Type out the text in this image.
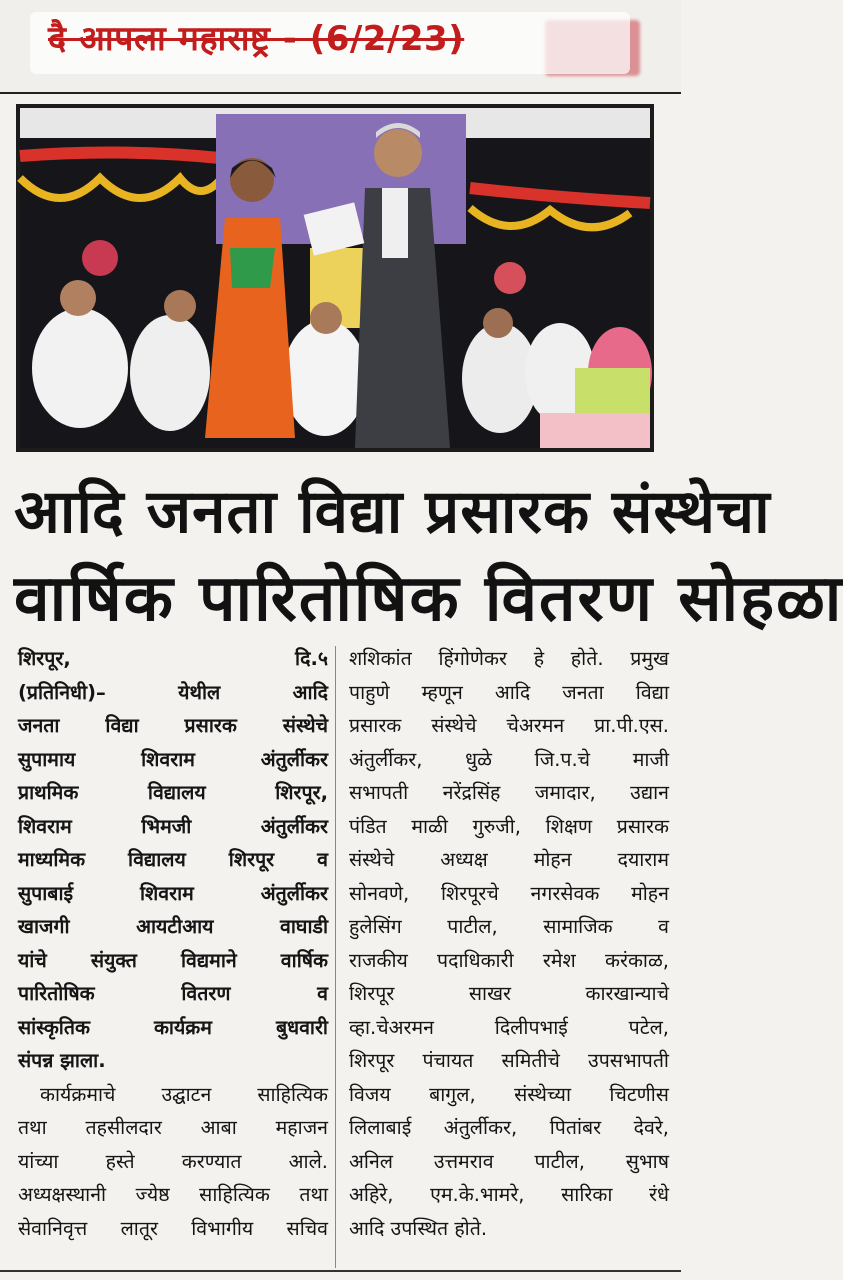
दै आपला महाराष्ट्र - (6/2/23)
आदि जनता विद्या प्रसारक संस्थेचा
वार्षिक पारितोषिक वितरण सोहळा
शिरपूर, दि.५
(प्रतिनिधी)– येथील आदि
जनता विद्या प्रसारक संस्थेचे
सुपामाय शिवराम अंतुर्लीकर
प्राथमिक विद्यालय शिरपूर,
शिवराम भिमजी अंतुर्लीकर
माध्यमिक विद्यालय शिरपूर व
सुपाबाई शिवराम अंतुर्लीकर
खाजगी आयटीआय वाघाडी
यांचे संयुक्त विद्यमाने वार्षिक
पारितोषिक वितरण व
सांस्कृतिक कार्यक्रम बुधवारी
संपन्न झाला.
कार्यक्रमाचे उद्घाटन साहित्यिक
तथा तहसीलदार आबा महाजन
यांच्या हस्ते करण्यात आले.
अध्यक्षस्थानी ज्येष्ठ साहित्यिक तथा
सेवानिवृत्त लातूर विभागीय सचिव
शशिकांत हिंगोणेकर हे होते. प्रमुख
पाहुणे म्हणून आदि जनता विद्या
प्रसारक संस्थेचे चेअरमन प्रा.पी.एस.
अंतुर्लीकर, धुळे जि.प.चे माजी
सभापती नरेंद्रसिंह जमादार, उद्यान
पंडित माळी गुरुजी, शिक्षण प्रसारक
संस्थेचे अध्यक्ष मोहन दयाराम
सोनवणे, शिरपूरचे नगरसेवक मोहन
हुलेसिंग पाटील, सामाजिक व
राजकीय पदाधिकारी रमेश करंकाळ,
शिरपूर साखर कारखान्याचे
व्हा.चेअरमन दिलीपभाई पटेल,
शिरपूर पंचायत समितीचे उपसभापती
विजय बागुल, संस्थेच्या चिटणीस
लिलाबाई अंतुर्लीकर, पितांबर देवरे,
अनिल उत्तमराव पाटील, सुभाष
अहिरे, एम.के.भामरे, सारिका रंधे
आदि उपस्थित होते.
